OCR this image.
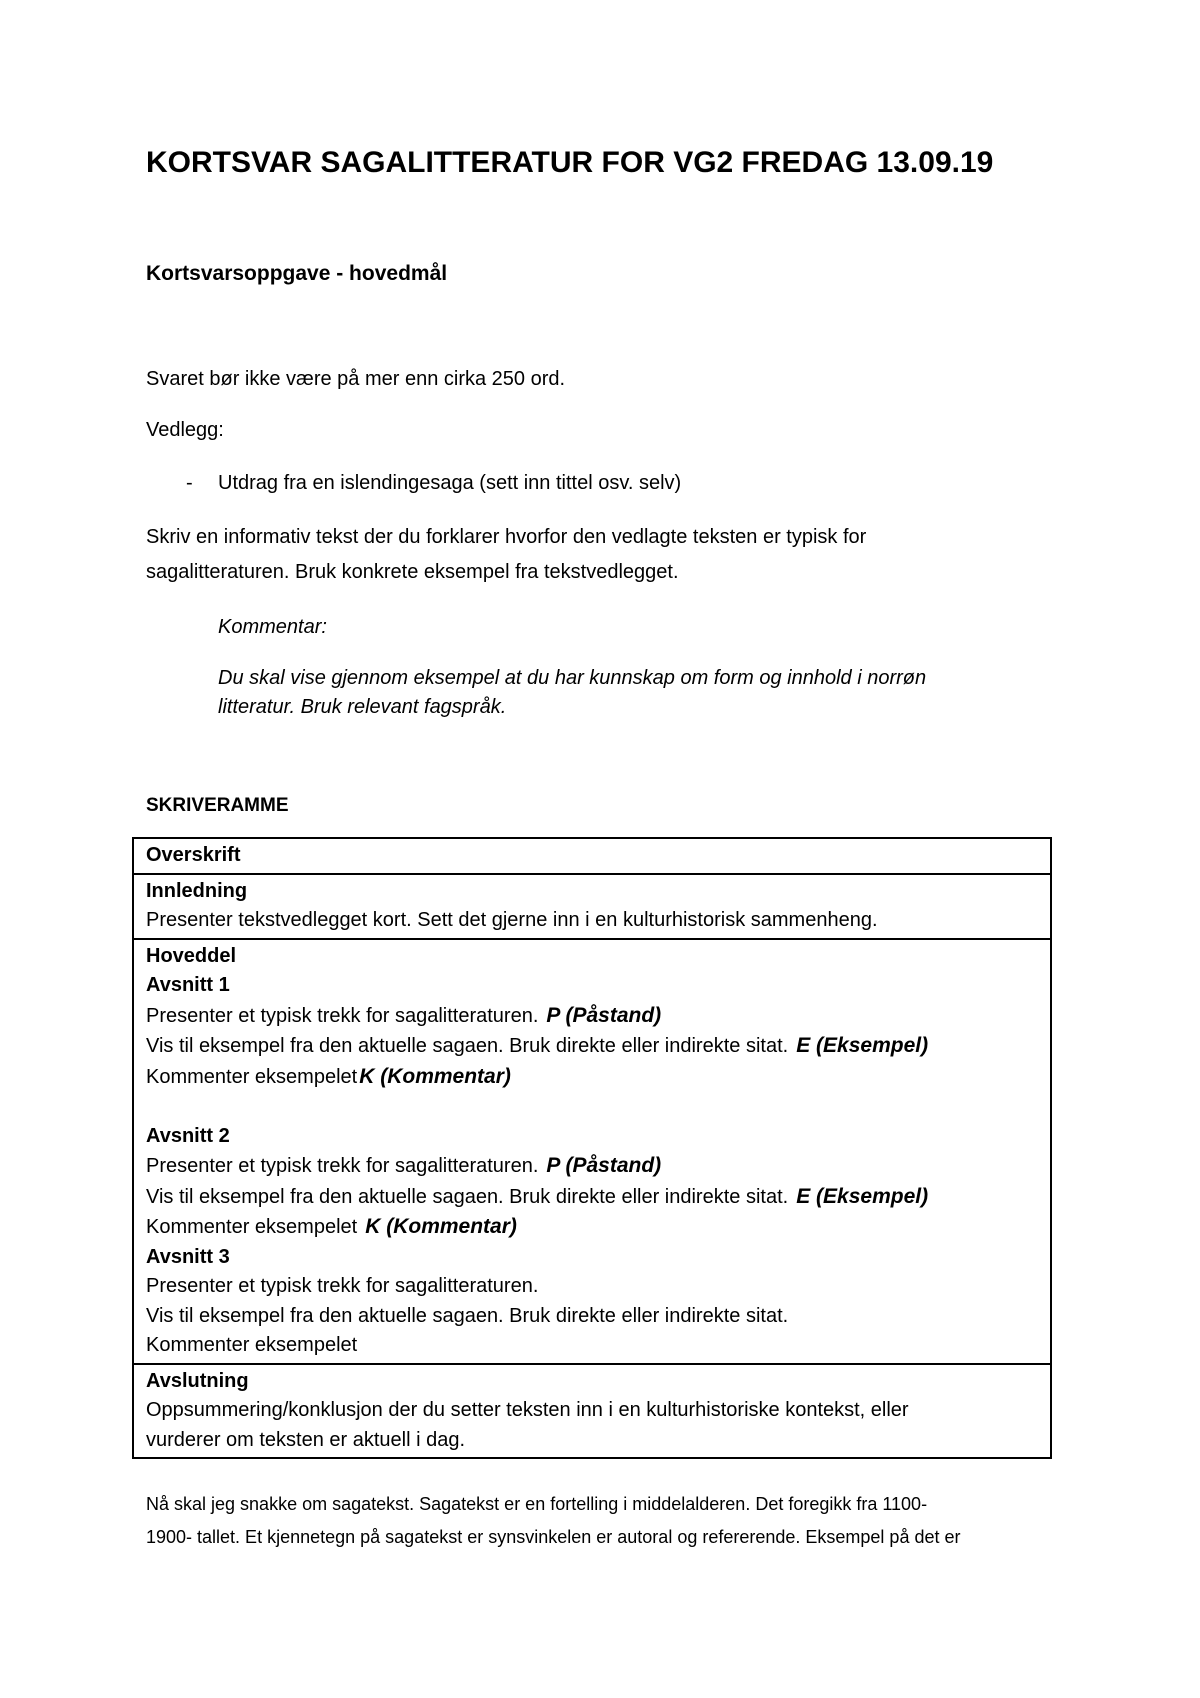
KORTSVAR SAGALITTERATUR FOR VG2 FREDAG 13.09.19
Kortsvarsoppgave - hovedmål
Svaret bør ikke være på mer enn cirka 250 ord.
Vedlegg:
- Utdrag fra en islendingesaga (sett inn tittel osv. selv)
Skriv en informativ tekst der du forklarer hvorfor den vedlagte teksten er typisk for
sagalitteraturen. Bruk konkrete eksempel fra tekstvedlegget.
Kommentar:
Du skal vise gjennom eksempel at du har kunnskap om form og innhold i norrøn
litteratur. Bruk relevant fagspråk.
SKRIVERAMME
Overskrift

Innledning
Presenter tekstvedlegget kort. Sett det gjerne inn i en kulturhistorisk sammenheng.

Hoveddel
Avsnitt 1
Presenter et typisk trekk for sagalitteraturen. P (Påstand)
Vis til eksempel fra den aktuelle sagaen. Bruk direkte eller indirekte sitat. E (Eksempel)
Kommenter eksempeletK (Kommentar)
Avsnitt 2
Presenter et typisk trekk for sagalitteraturen. P (Påstand)
Vis til eksempel fra den aktuelle sagaen. Bruk direkte eller indirekte sitat. E (Eksempel)
Kommenter eksempelet K (Kommentar)
Avsnitt 3
Presenter et typisk trekk for sagalitteraturen.
Vis til eksempel fra den aktuelle sagaen. Bruk direkte eller indirekte sitat.
Kommenter eksempelet

Avslutning
Oppsummering/konklusjon der du setter teksten inn i en kulturhistoriske kontekst, eller
vurderer om teksten er aktuell i dag.
Nå skal jeg snakke om sagatekst. Sagatekst er en fortelling i middelalderen. Det foregikk fra 1100-
1900- tallet. Et kjennetegn på sagatekst er synsvinkelen er autoral og refererende. Eksempel på det er
